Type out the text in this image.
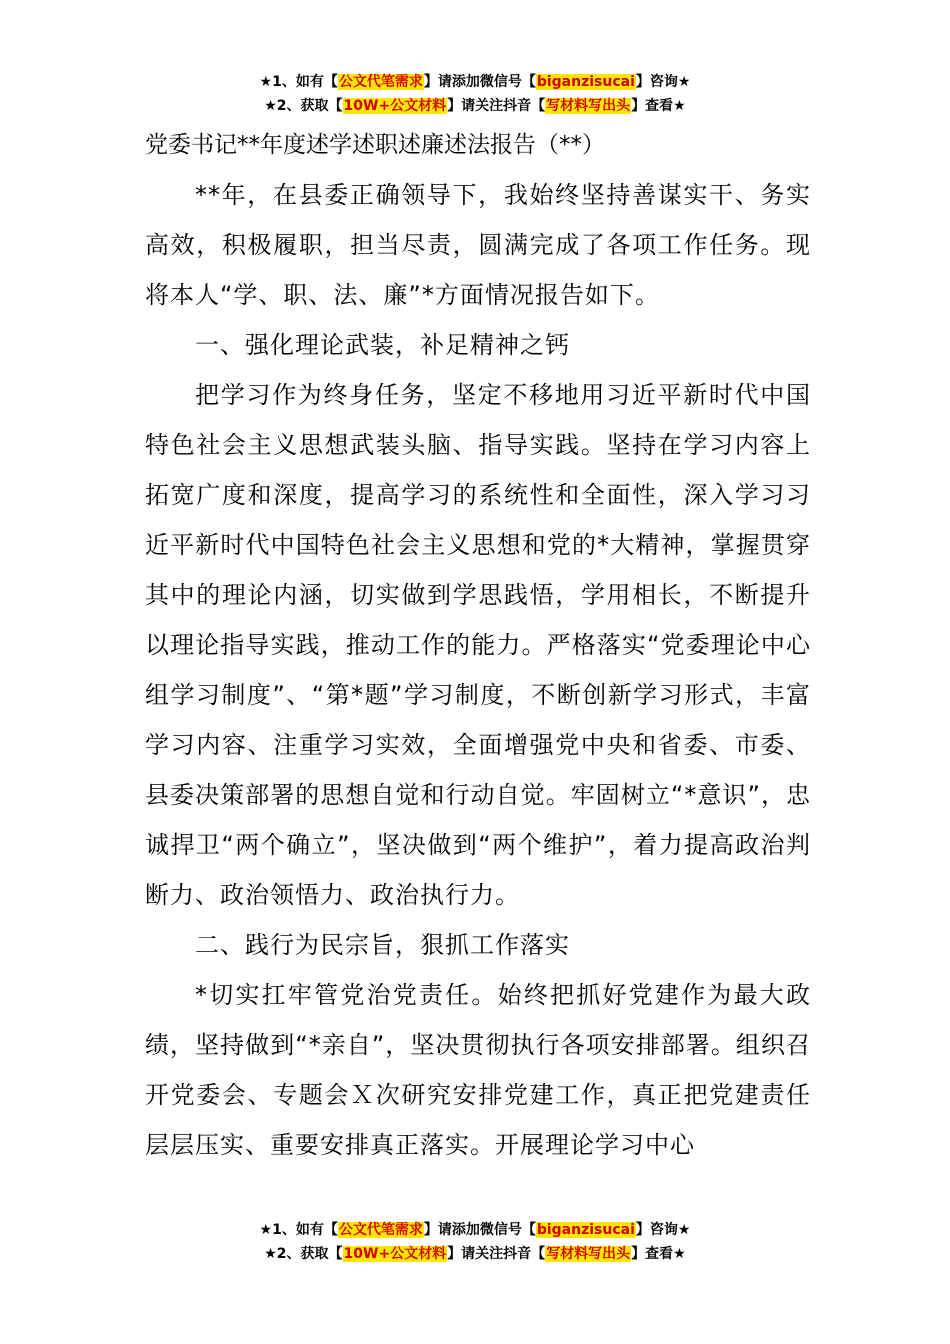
★1、如有【公文代笔需求】请添加微信号【biganzisucai】咨询★
★2、获取【10W+公文材料】请关注抖音【写材料写出头】查看★
党委书记**年度述学述职述廉述法报告（**）

**年，在县委正确领导下，我始终坚持善谋实干、务实高效，积极履职，担当尽责，圆满完成了各项工作任务。现将本人“学、职、法、廉”*方面情况报告如下。

一、强化理论武装，补足精神之钙

把学习作为终身任务，坚定不移地用习近平新时代中国特色社会主义思想武装头脑、指导实践。坚持在学习内容上拓宽广度和深度，提高学习的系统性和全面性，深入学习习近平新时代中国特色社会主义思想和党的*大精神，掌握贯穿其中的理论内涵，切实做到学思践悟，学用相长，不断提升以理论指导实践，推动工作的能力。严格落实“党委理论中心组学习制度”、“第*题”学习制度，不断创新学习形式，丰富学习内容、注重学习实效，全面增强党中央和省委、市委、县委决策部署的思想自觉和行动自觉。牢固树立“*意识”，忠诚捍卫“两个确立”，坚决做到“两个维护”，着力提高政治判断力、政治领悟力、政治执行力。

二、践行为民宗旨，狠抓工作落实

*切实扛牢管党治党责任。始终把抓好党建作为最大政绩，坚持做到“*亲自”，坚决贯彻执行各项安排部署。组织召开党委会、专题会Ｘ次研究安排党建工作，真正把党建责任层层压实、重要安排真正落实。开展理论学习中心

★1、如有【公文代笔需求】请添加微信号【biganzisucai】咨询★
★2、获取【10W+公文材料】请关注抖音【写材料写出头】查看★
